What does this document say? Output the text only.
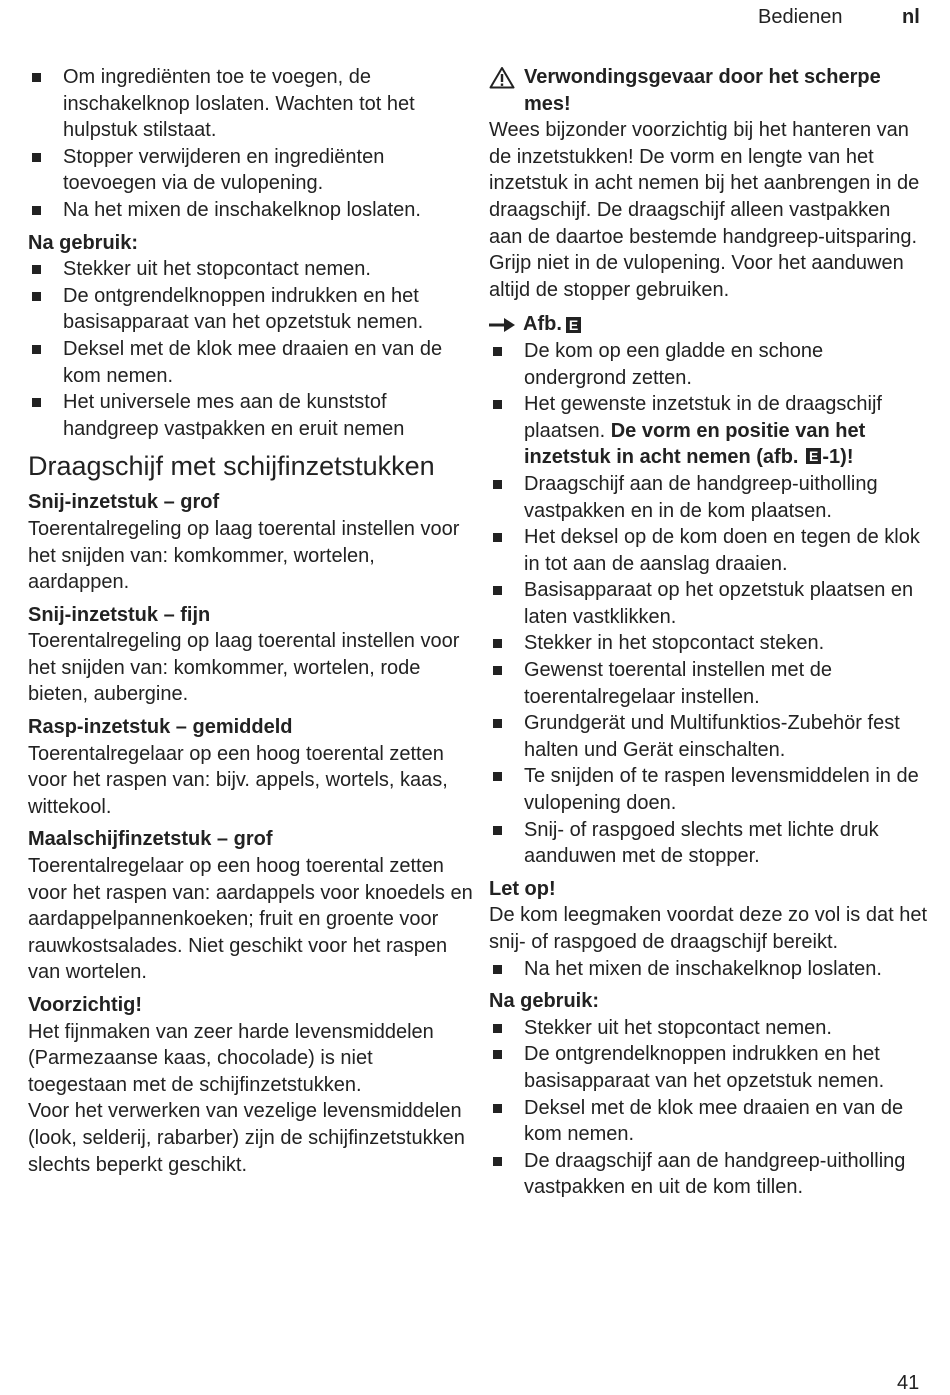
Bedienen	nl
Om ingrediënten toe te voegen, de inschakelknop loslaten. Wachten tot het hulpstuk stilstaat.
Stopper verwijderen en ingrediënten toevoegen via de vulopening.
Na het mixen de inschakelknop loslaten.
Na gebruik:
Stekker uit het stopcontact nemen.
De ontgrendelknoppen indrukken en het basisapparaat van het opzetstuk nemen.
Deksel met de klok mee draaien en van de kom nemen.
Het universele mes aan de kunststof handgreep vastpakken en eruit nemen
Draagschijf met schijfinzetstukken
Snij-inzetstuk – grof

Toerentalregeling op laag toerental instellen voor het snijden van: komkommer, wortelen, aardappen.

Snij-inzetstuk – fijn

Toerentalregeling op laag toerental instellen voor het snijden van: komkommer, wortelen, rode bieten, aubergine.

Rasp-inzetstuk – gemiddeld

Toerentalregelaar op een hoog toerental zetten voor het raspen van: bijv. appels, wortels, kaas, wittekool.

Maalschijfinzetstuk – grof

Toerentalregelaar op een hoog toerental zetten voor het raspen van: aardappels voor knoedels en aardappelpannenkoeken; fruit en groente voor rauwkostsalades. Niet geschikt voor het raspen van wortelen.

Voorzichtig!

Het fijnmaken van zeer harde levensmiddelen (Parmezaanse kaas, chocolade) is niet toegestaan met de schijfinzetstukken.

Voor het verwerken van vezelige levensmiddelen (look, selderij, rabarber) zijn de schijfinzetstukken slechts beperkt geschikt.

Verwondingsgevaar door het scherpe mes!

Wees bijzonder voorzichtig bij het hanteren van de inzetstukken! De vorm en lengte van het inzetstuk in acht nemen bij het aanbrengen in de draagschijf. De draagschijf alleen vastpakken aan de daartoe bestemde handgreep-uitsparing. Grijp niet in de vulopening. Voor het aanduwen altijd de stopper gebruiken.

Afb. E
De kom op een gladde en schone ondergrond zetten.
Het gewenste inzetstuk in de draagschijf plaatsen. De vorm en positie van het inzetstuk in acht nemen (afb. E -1)!
Draagschijf aan de handgreep-uitholling vastpakken en in de kom plaatsen.
Het deksel op de kom doen en tegen de klok in tot aan de aanslag draaien.
Basisapparaat op het opzetstuk plaatsen en laten vastklikken.
Stekker in het stopcontact steken.
Gewenst toerental instellen met de toerentalregelaar instellen.
Grundgerät und Multifunktios-Zubehör fest halten und Gerät einschalten.
Te snijden of te raspen levensmiddelen in de vulopening doen.
Snij- of raspgoed slechts met lichte druk aanduwen met de stopper.
Let op!

De kom leegmaken voordat deze zo vol is dat het snij- of raspgoed de draagschijf bereikt.

Na het mixen de inschakelknop loslaten.
Na gebruik:
Stekker uit het stopcontact nemen.
De ontgrendelknoppen indrukken en het basisapparaat van het opzetstuk nemen.
Deksel met de klok mee draaien en van de kom nemen.
De draagschijf aan de handgreep-uitholling vastpakken en uit de kom tillen.
41
